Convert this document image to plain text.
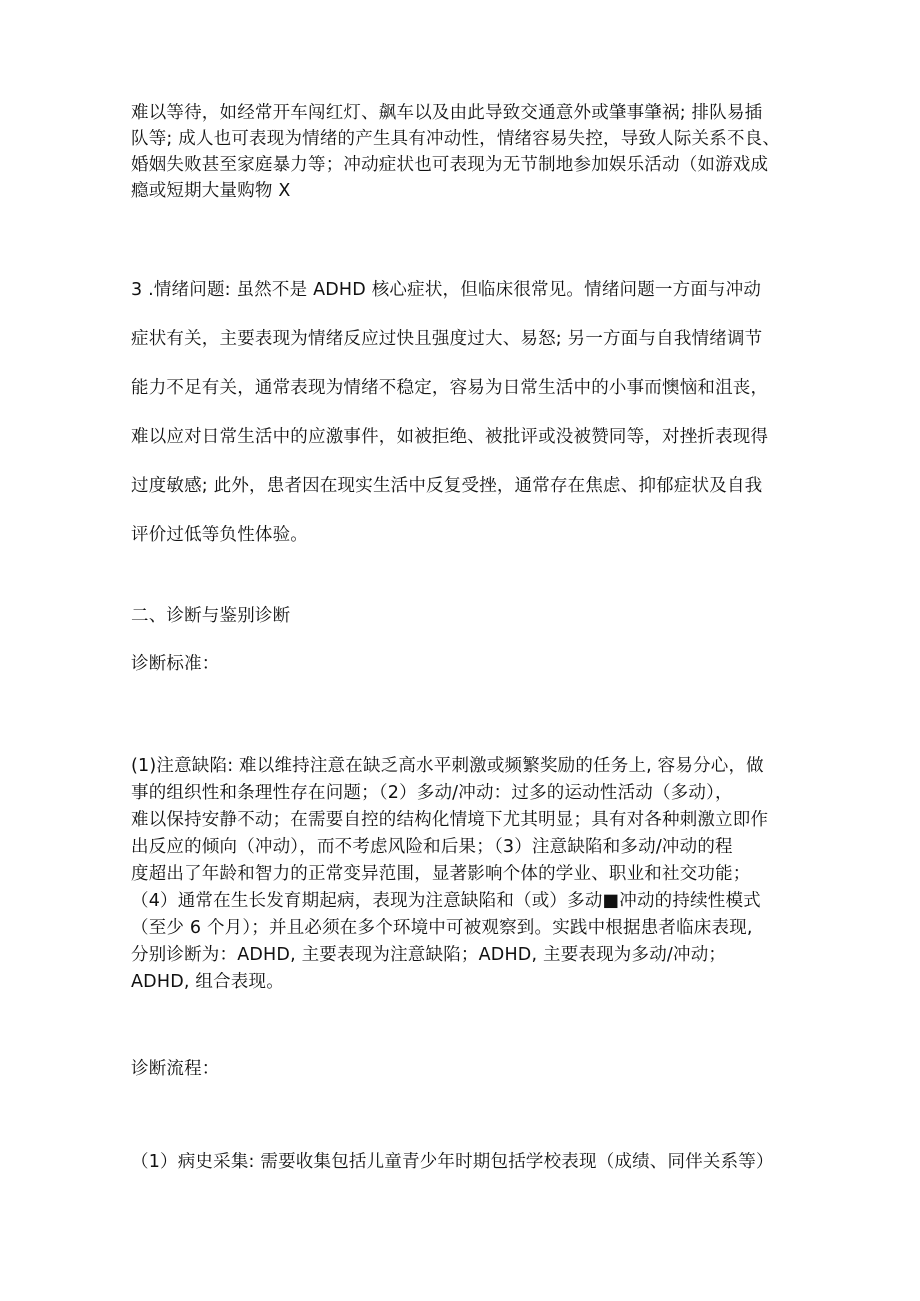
难以等待，如经常开车闯红灯、飙车以及由此导致交通意外或肇事肇祸; 排队易插
队等; 成人也可表现为情绪的产生具有冲动性，情绪容易失控，导致人际关系不良、
婚姻失败甚至家庭暴力等；冲动症状也可表现为无节制地参加娱乐活动（如游戏成
瘾或短期大量购物 X
3 .情绪问题: 虽然不是 ADHD 核心症状，但临床很常见。情绪问题一方面与冲动
症状有关，主要表现为情绪反应过快且强度过大、易怒; 另一方面与自我情绪调节
能力不足有关，通常表现为情绪不稳定，容易为日常生活中的小事而懊恼和沮丧，
难以应对日常生活中的应激事件，如被拒绝、被批评或没被赞同等，对挫折表现得
过度敏感; 此外，患者因在现实生活中反复受挫，通常存在焦虑、抑郁症状及自我
评价过低等负性体验。
二、诊断与鉴别诊断
诊断标准：
(1)注意缺陷: 难以维持注意在缺乏高水平刺激或频繁奖励的任务上, 容易分心，做
事的组织性和条理性存在问题；（2）多动/冲动：过多的运动性活动（多动），
难以保持安静不动；在需要自控的结构化情境下尤其明显；具有对各种刺激立即作
出反应的倾向（冲动），而不考虑风险和后果；（3）注意缺陷和多动/冲动的程
度超出了年龄和智力的正常变异范围，显著影响个体的学业、职业和社交功能；
（4）通常在生长发育期起病，表现为注意缺陷和（或）多动■冲动的持续性模式
（至少 6 个月）；并且必须在多个环境中可被观察到。实践中根据患者临床表现,
分别诊断为：ADHD, 主要表现为注意缺陷；ADHD, 主要表现为多动/冲动；
ADHD, 组合表现。
诊断流程：
（1）病史采集: 需要收集包括儿童青少年时期包括学校表现（成绩、同伴关系等）
